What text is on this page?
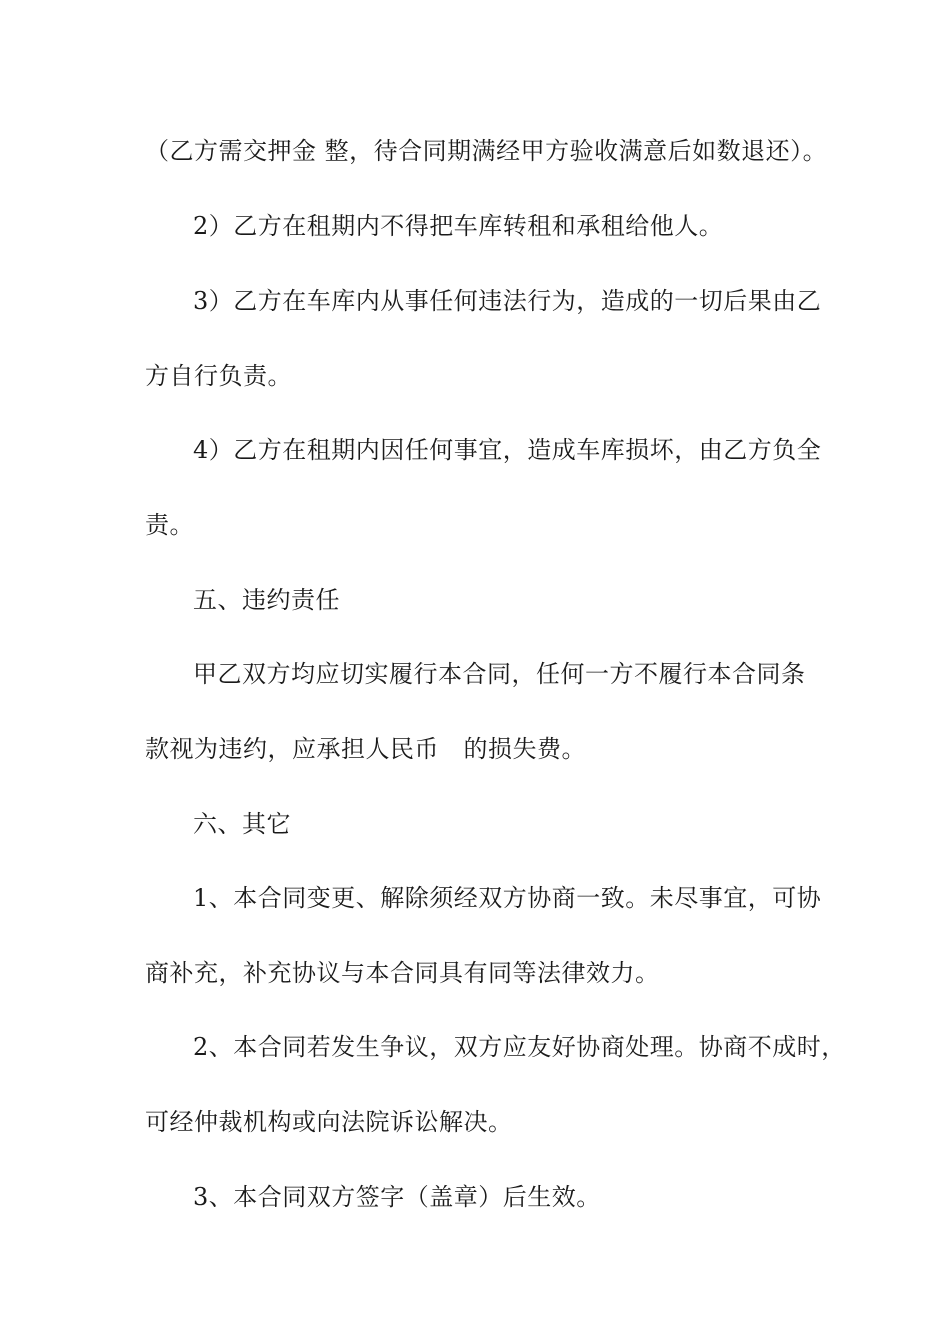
（乙方需交押金 整，待合同期满经甲方验收满意后如数退还）。

2）乙方在租期内不得把车库转租和承租给他人。

3）乙方在车库内从事任何违法行为，造成的一切后果由乙

方自行负责。

4）乙方在租期内因任何事宜，造成车库损坏，由乙方负全

责。

五、违约责任

甲乙双方均应切实履行本合同，任何一方不履行本合同条

款视为违约，应承担人民币　的损失费。

六、其它

1、本合同变更、解除须经双方协商一致。未尽事宜，可协

商补充，补充协议与本合同具有同等法律效力。

2、本合同若发生争议，双方应友好协商处理。协商不成时，

可经仲裁机构或向法院诉讼解决。

3、本合同双方签字（盖章）后生效。
